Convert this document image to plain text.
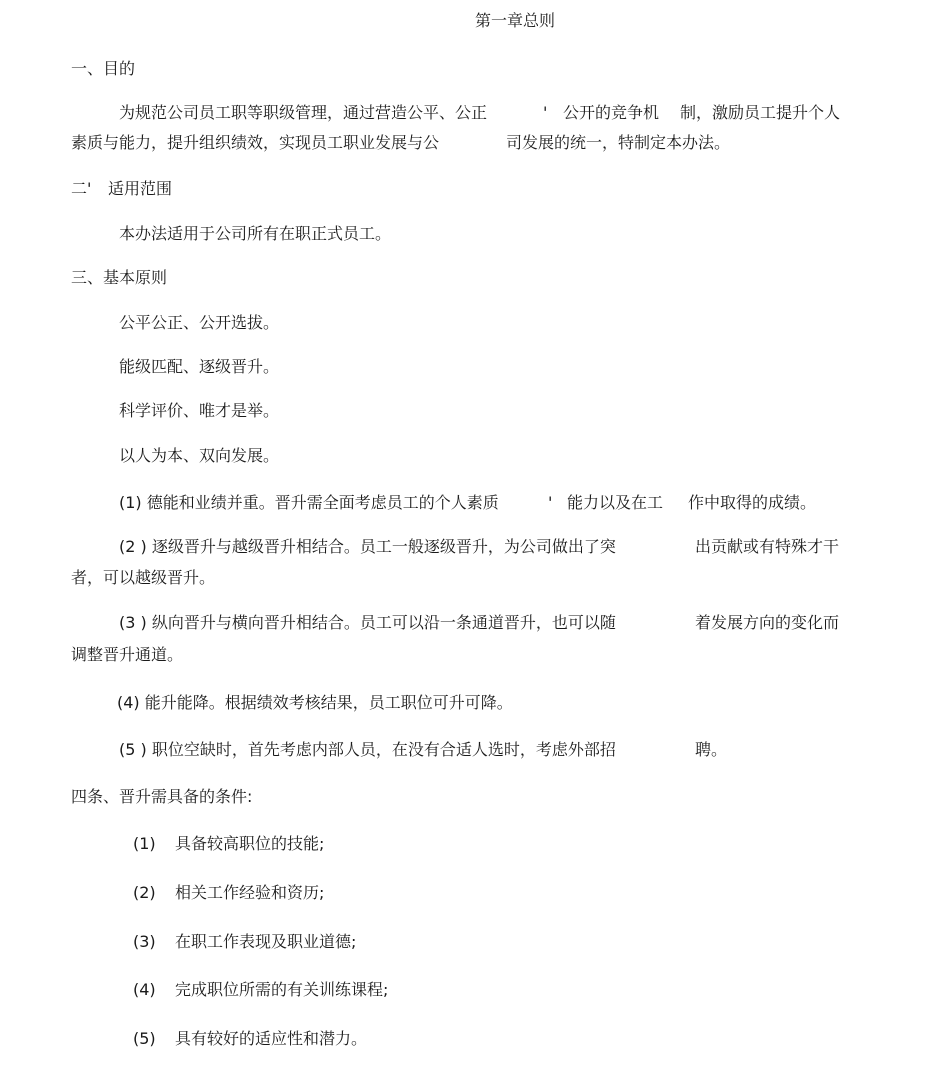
第一章总则
一、目的
为规范公司员工职等职级管理，通过营造公平、公正	' 公开的竞争机 制，激励员工提升个人
素质与能力，提升组织绩效，实现员工职业发展与公	司发展的统一，特制定本办法。
二' 适用范围
本办法适用于公司所有在职正式员工。
三、基本原则
公平公正、公开选拔。
能级匹配、逐级晋升。
科学评价、唯才是举。
以人为本、双向发展。
(1) 德能和业绩并重。晋升需全面考虑员工的个人素质	' 能力以及在工 作中取得的成绩。
(2 ) 逐级晋升与越级晋升相结合。员工一般逐级晋升，为公司做出了突	出贡献或有特殊才干
者，可以越级晋升。
(3 ) 纵向晋升与横向晋升相结合。员工可以沿一条通道晋升，也可以随	着发展方向的变化而
调整晋升通道。
(4) 能升能降。根据绩效考核结果，员工职位可升可降。
(5 ) 职位空缺时，首先考虑内部人员，在没有合适人选时，考虑外部招	聘。
四条、晋升需具备的条件:
(1) 具备较高职位的技能;
(2) 相关工作经验和资历;
(3) 在职工作表现及职业道德;
(4) 完成职位所需的有关训练课程;
(5) 具有较好的适应性和潜力。
